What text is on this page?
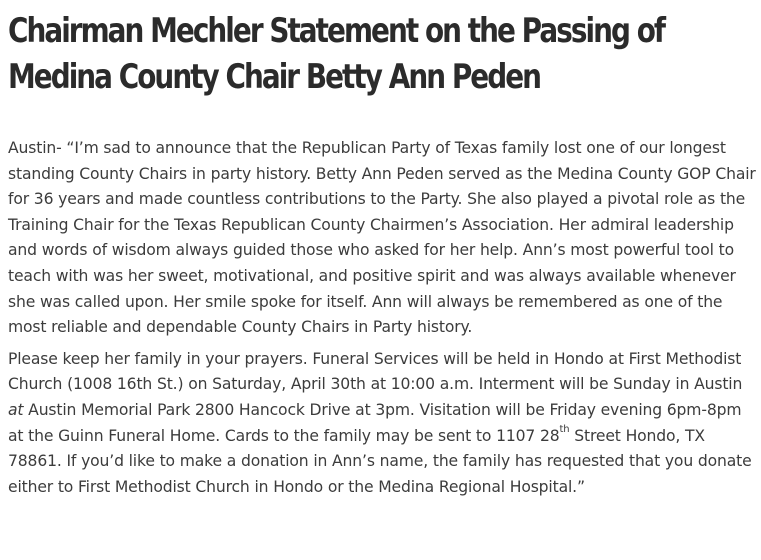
Chairman Mechler Statement on the Passing of Medina County Chair Betty Ann Peden

Austin- “I’m sad to announce that the Republican Party of Texas family lost one of our longest standing County Chairs in party history. Betty Ann Peden served as the Medina County GOP Chair for 36 years and made countless contributions to the Party. She also played a pivotal role as the Training Chair for the Texas Republican County Chairmen’s Association. Her admiral leadership and words of wisdom always guided those who asked for her help. Ann’s most powerful tool to teach with was her sweet, motivational, and positive spirit and was always available whenever she was called upon. Her smile spoke for itself. Ann will always be remembered as one of the most reliable and dependable County Chairs in Party history.

Please keep her family in your prayers. Funeral Services will be held in Hondo at First Methodist Church (1008 16th St.) on Saturday, April 30th at 10:00 a.m. Interment will be Sunday in Austin at Austin Memorial Park 2800 Hancock Drive at 3pm. Visitation will be Friday evening 6pm-8pm at the Guinn Funeral Home. Cards to the family may be sent to 1107 28th Street Hondo, TX 78861. If you’d like to make a donation in Ann’s name, the family has requested that you donate either to First Methodist Church in Hondo or the Medina Regional Hospital.”
